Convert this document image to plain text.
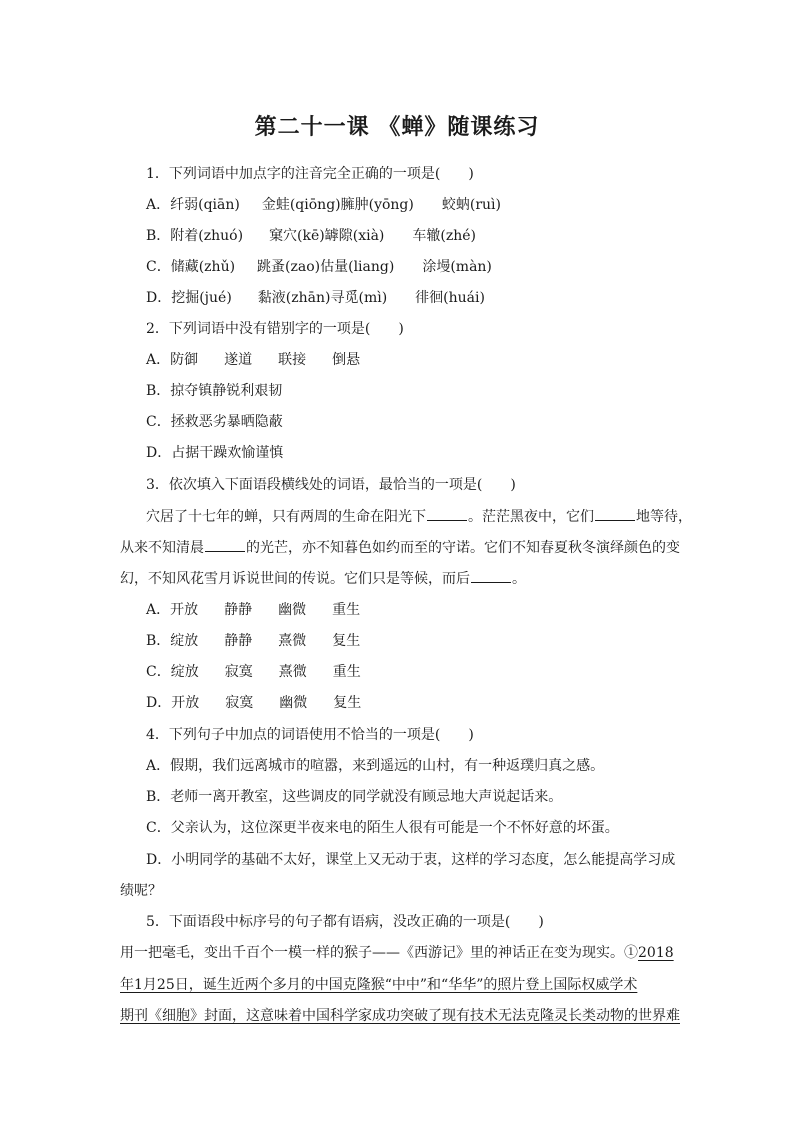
第二十一课 《蝉》随课练习
1．下列词语中加点字的注音完全正确的一项是(　　)
A．纤弱(qiān) 金蛙(qiōng)臃肿(yōng) 蛟蚋(ruì)
B．附着(zhuó) 窠穴(kē)罅隙(xià) 车辙(zhé)
C．储藏(zhǔ) 跳蚤(zao)估量(liang) 涂墁(màn)
D．挖掘(jué) 黏液(zhān)寻觅(mì) 徘徊(huái)
2．下列词语中没有错别字的一项是(　　)
A．防御 遂道 联接 倒悬
B．掠夺镇静锐利艰韧
C．拯救恶劣暴晒隐蔽
D．占据干躁欢愉谨慎
3．依次填入下面语段横线处的词语，最恰当的一项是(　　)
穴居了十七年的蝉，只有两周的生命在阳光下	。茫茫黑夜中，它们	地等待，
从来不知清晨	的光芒，亦不知暮色如约而至的守诺。它们不知春夏秋冬演绎颜色的变
幻，不知风花雪月诉说世间的传说。它们只是等候，而后	。
A．开放 静静 幽微 重生
B．绽放 静静 熹微 复生
C．绽放 寂寞 熹微 重生
D．开放 寂寞 幽微 复生
4．下列句子中加点的词语使用不恰当的一项是(　　)
A．假期，我们远离城市的喧嚣，来到遥远的山村，有一种返璞归真之感。
B．老师一离开教室，这些调皮的同学就没有顾忌地大声说起话来。
C．父亲认为，这位深更半夜来电的陌生人很有可能是一个不怀好意的坏蛋。
D．小明同学的基础不太好，课堂上又无动于衷，这样的学习态度，怎么能提高学习成
绩呢？
5．下面语段中标序号的句子都有语病，没改正确的一项是(　　)
用一把毫毛，变出千百个一模一样的猴子——《西游记》里的神话正在变为现实。①2018
年1月25日，诞生近两个多月的中国克隆猴“中中”和“华华”的照片登上国际权威学术
期刊《细胞》封面，这意味着中国科学家成功突破了现有技术无法克隆灵长类动物的世界难
